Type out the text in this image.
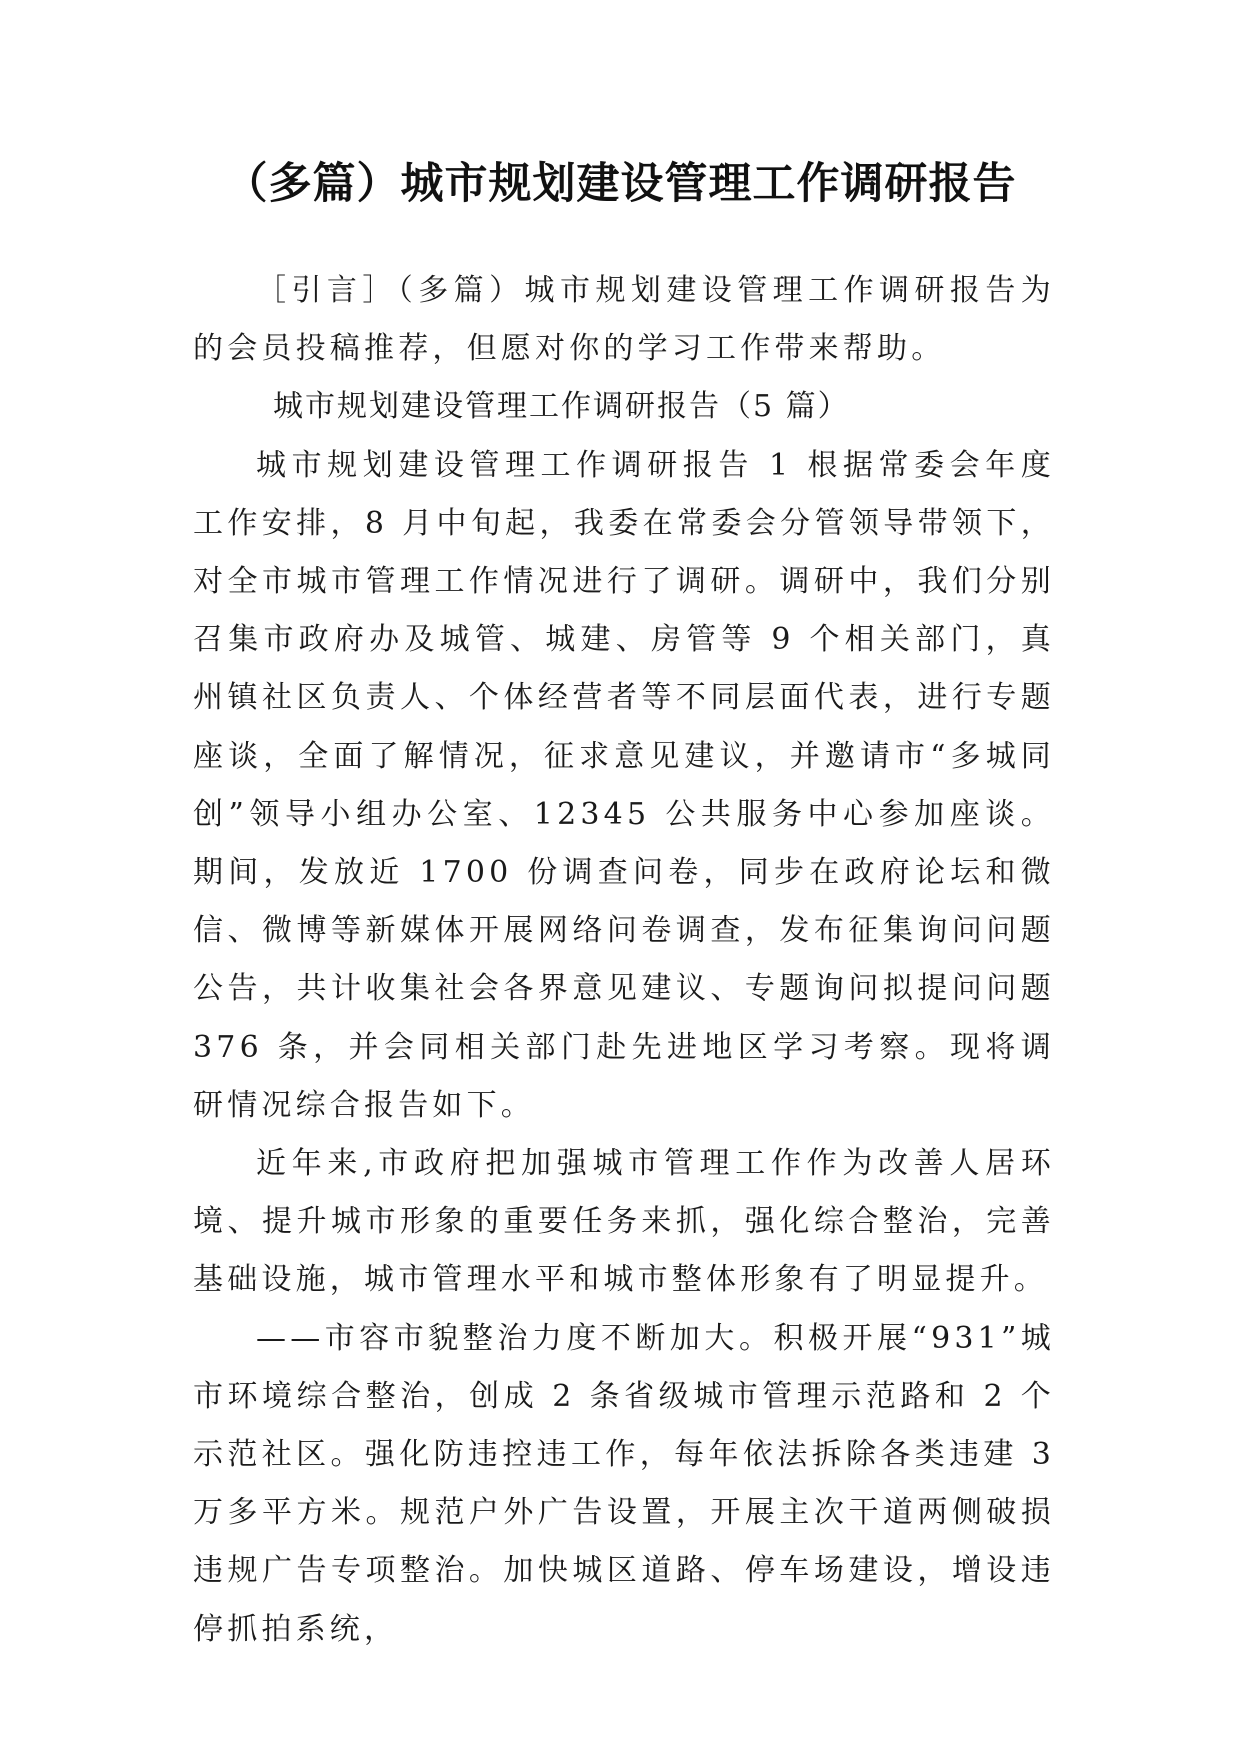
（多篇）城市规划建设管理工作调研报告

［引言］（多篇）城市规划建设管理工作调研报告为的会员投稿推荐，但愿对你的学习工作带来帮助。

城市规划建设管理工作调研报告（5 篇）

城市规划建设管理工作调研报告 1 根据常委会年度工作安排，8 月中旬起，我委在常委会分管领导带领下，对全市城市管理工作情况进行了调研。调研中，我们分别召集市政府办及城管、城建、房管等 9 个相关部门，真州镇社区负责人、个体经营者等不同层面代表，进行专题座谈，全面了解情况，征求意见建议，并邀请市“多城同创”领导小组办公室、12345 公共服务中心参加座谈。期间，发放近 1700 份调查问卷，同步在政府论坛和微信、微博等新媒体开展网络问卷调查，发布征集询问问题公告，共计收集社会各界意见建议、专题询问拟提问问题 376 条，并会同相关部门赴先进地区学习考察。现将调研情况综合报告如下。

近年来,市政府把加强城市管理工作作为改善人居环境、提升城市形象的重要任务来抓，强化综合整治，完善基础设施，城市管理水平和城市整体形象有了明显提升。

——市容市貌整治力度不断加大。积极开展“931”城市环境综合整治，创成 2 条省级城市管理示范路和 2 个示范社区。强化防违控违工作，每年依法拆除各类违建 3 万多平方米。规范户外广告设置，开展主次干道两侧破损违规广告专项整治。加快城区道路、停车场建设，增设违停抓拍系统，
